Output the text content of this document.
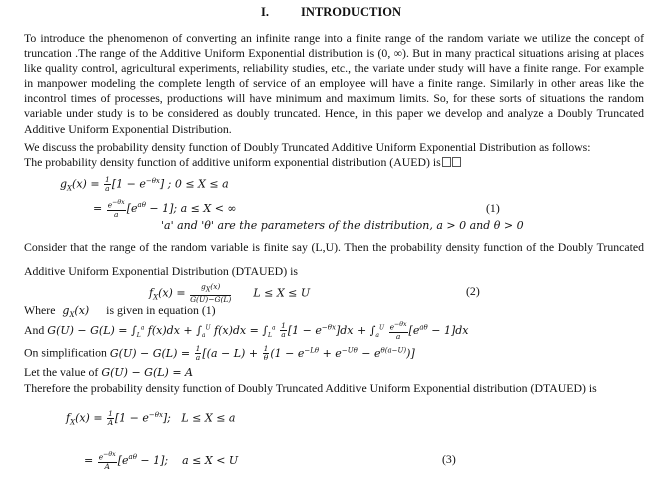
I.	INTRODUCTION
To introduce the phenomenon of converting an infinite range into a finite range of the random variate we utilize the concept of truncation .The range of the Additive Uniform Exponential distribution is (0, ∞). But in many practical situations arising at places like quality control, agricultural experiments, reliability studies, etc., the variate under study will have a finite range. For example in manpower modeling the complete length of service of an employee will have a finite range. Similarly in other areas like the incontrol times of processes, productions will have minimum and maximum limits. So, for these sorts of situations the random variable under study is to be considered as doubly truncated. Hence, in this paper we develop and analyze a Doubly Truncated Additive Uniform Exponential Distribution.
We discuss the probability density function of Doubly Truncated Additive Uniform Exponential Distribution as follows:
The probability density function of additive uniform exponential distribution (AUED) is
$g_X(x) = \frac{1}{a} [1 - e^{-\theta x}]$ ; 0 ≤ X ≤ a
= $\frac{e^{-\theta x}}{a} [e^{a\theta} - 1]$; a ≤ X < ∞	(1)
'a' and 'θ' are the parameters of the distribution, a > 0 and θ > 0
Consider that the range of the random variable is finite say (L,U). Then the probability density function of the Doubly Truncated Additive Uniform Exponential Distribution (DTAUED) is
$f_X(x) = \frac{g_X(x)}{G(U)-G(L)}$ L ≤ X ≤ U	(2)
Where $g_X(x)$ is given in equation (1)
And $G(U) - G(L) = \int_L^a$ $f(x)dx + \int_a^U$ $f(x)dx = \int_L^a \frac{1}{a} [1 - e^{-\theta x}]dx + \int_a^U \frac{e^{-\theta x}}{a} [e^{a\theta} - 1]dx$
On simplification $G(U) - G(L) = \frac{1}{a} [(a - L) + \frac{1}{\theta} (1 - e^{-L\theta} + e^{-U\theta} - e^{\theta(a-U)})]$
Let the value of G(U) − G(L) = A
Therefore the probability density function of Doubly Truncated Additive Uniform Exponential distribution (DTAUED) is
$f_X(x) = \frac{1}{A} [1 - e^{-\theta x}]$;   L ≤ X ≤ a
= $\frac{e^{-\theta x}}{A} [e^{a\theta} - 1]$;    a ≤ X < U	(3)
